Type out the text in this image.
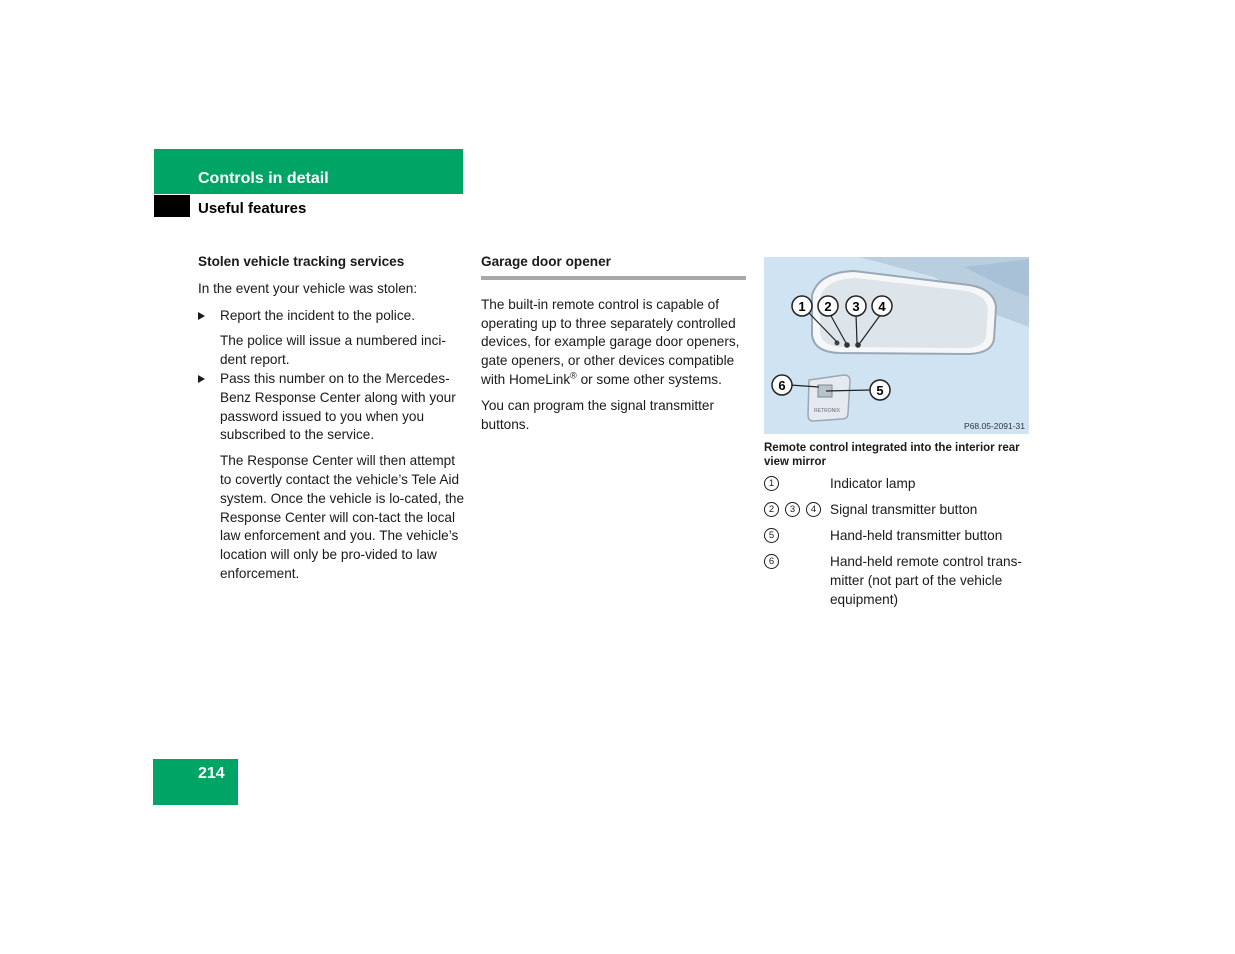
Controls in detail
Useful features

Stolen vehicle tracking services

In the event your vehicle was stolen:

Report the incident to the police.

The police will issue a numbered inci-dent report.

Pass this number on to the Mercedes-Benz Response Center along with your password issued to you when you subscribed to the service.

The Response Center will then attempt to covertly contact the vehicle’s Tele Aid system. Once the vehicle is lo-cated, the Response Center will con-tact the local law enforcement and you. The vehicle’s location will only be pro-vided to law enforcement.

Garage door opener

The built-in remote control is capable of operating up to three separately controlled devices, for example garage door openers, gate openers, or other devices compatible with HomeLink® or some other systems.

You can program the signal transmitter buttons.

1 2 3 4
RETRONIX
6	5
P68.05-2091-31
Remote control integrated into the interior rear view mirror
1	Indicator lamp
2 3 4	Signal transmitter button
5	Hand-held transmitter button
6	Hand-held remote control trans-mitter (not part of the vehicle equipment)
214
